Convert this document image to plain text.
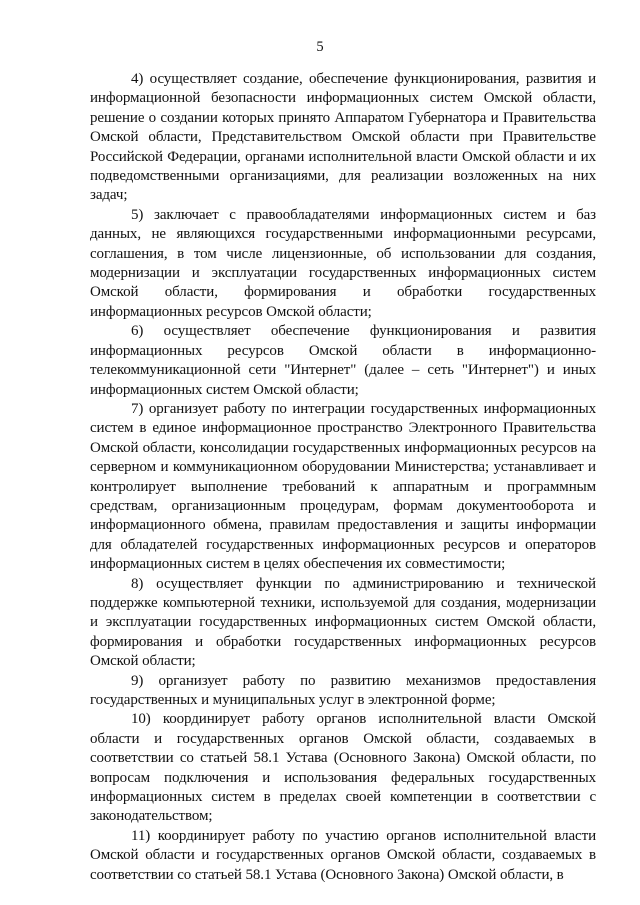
5

4) осуществляет создание, обеспечение функционирования, развития и информационной безопасности информационных систем Омской области, решение о создании которых принято Аппаратом Губернатора и Правительства Омской области, Представительством Омской области при Правительстве Российской Федерации, органами исполнительной власти Омской области и их подведомственными организациями, для реализации возложенных на них задач;

5) заключает с правообладателями информационных систем и баз данных, не являющихся государственными информационными ресурсами, соглашения, в том числе лицензионные, об использовании для создания, модернизации и эксплуатации государственных информационных систем Омской области, формирования и обработки государственных информационных ресурсов Омской области;

6) осуществляет обеспечение функционирования и развития информационных ресурсов Омской области в информационно-телекоммуникационной сети "Интернет" (далее – сеть "Интернет") и иных информационных систем Омской области;

7) организует работу по интеграции государственных информационных систем в единое информационное пространство Электронного Правительства Омской области, консолидации государственных информационных ресурсов на серверном и коммуникационном оборудовании Министерства; устанавливает и контролирует выполнение требований к аппаратным и программным средствам, организационным процедурам, формам документооборота и информационного обмена, правилам предоставления и защиты информации для обладателей государственных информационных ресурсов и операторов информационных систем в целях обеспечения их совместимости;

8) осуществляет функции по администрированию и технической поддержке компьютерной техники, используемой для создания, модернизации и эксплуатации государственных информационных систем Омской области, формирования и обработки государственных информационных ресурсов Омской области;

9) организует работу по развитию механизмов предоставления государственных и муниципальных услуг в электронной форме;

10) координирует работу органов исполнительной власти Омской области и государственных органов Омской области, создаваемых в соответствии со статьей 58.1 Устава (Основного Закона) Омской области, по вопросам подключения и использования федеральных государственных информационных систем в пределах своей компетенции в соответствии с законодательством;

11) координирует работу по участию органов исполнительной власти Омской области и государственных органов Омской области, создаваемых в соответствии со статьей 58.1 Устава (Основного Закона) Омской области, в
